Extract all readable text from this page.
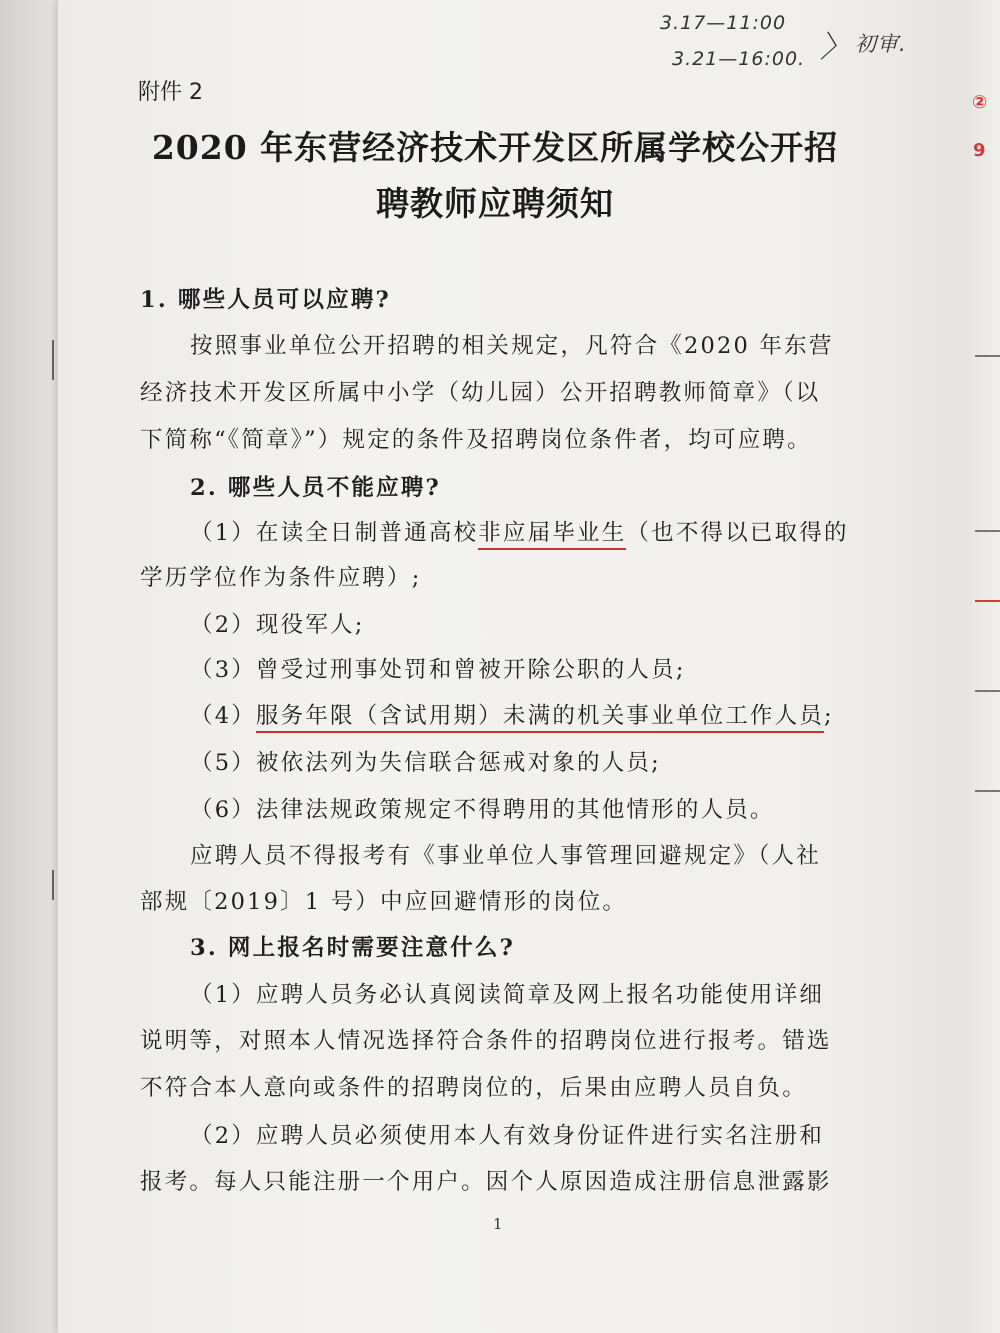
3.17—11:00
3.21—16:00. 〉 初审.
②
9
附件 2
2020 年东营经济技术开发区所属学校公开招
聘教师应聘须知
1. 哪些人员可以应聘?
按照事业单位公开招聘的相关规定，凡符合《2020 年东营
经济技术开发区所属中小学（幼儿园）公开招聘教师简章》（以
下简称“《简章》”）规定的条件及招聘岗位条件者，均可应聘。
2. 哪些人员不能应聘?
（1）在读全日制普通高校非应届毕业生（也不得以已取得的
学历学位作为条件应聘）;
（2）现役军人;
（3）曾受过刑事处罚和曾被开除公职的人员;
（4）服务年限（含试用期）未满的机关事业单位工作人员;
（5）被依法列为失信联合惩戒对象的人员;
（6）法律法规政策规定不得聘用的其他情形的人员。
应聘人员不得报考有《事业单位人事管理回避规定》（人社
部规〔2019〕1 号）中应回避情形的岗位。
3. 网上报名时需要注意什么?
（1）应聘人员务必认真阅读简章及网上报名功能使用详细
说明等，对照本人情况选择符合条件的招聘岗位进行报考。错选
不符合本人意向或条件的招聘岗位的，后果由应聘人员自负。
（2）应聘人员必须使用本人有效身份证件进行实名注册和
报考。每人只能注册一个用户。因个人原因造成注册信息泄露影
1
